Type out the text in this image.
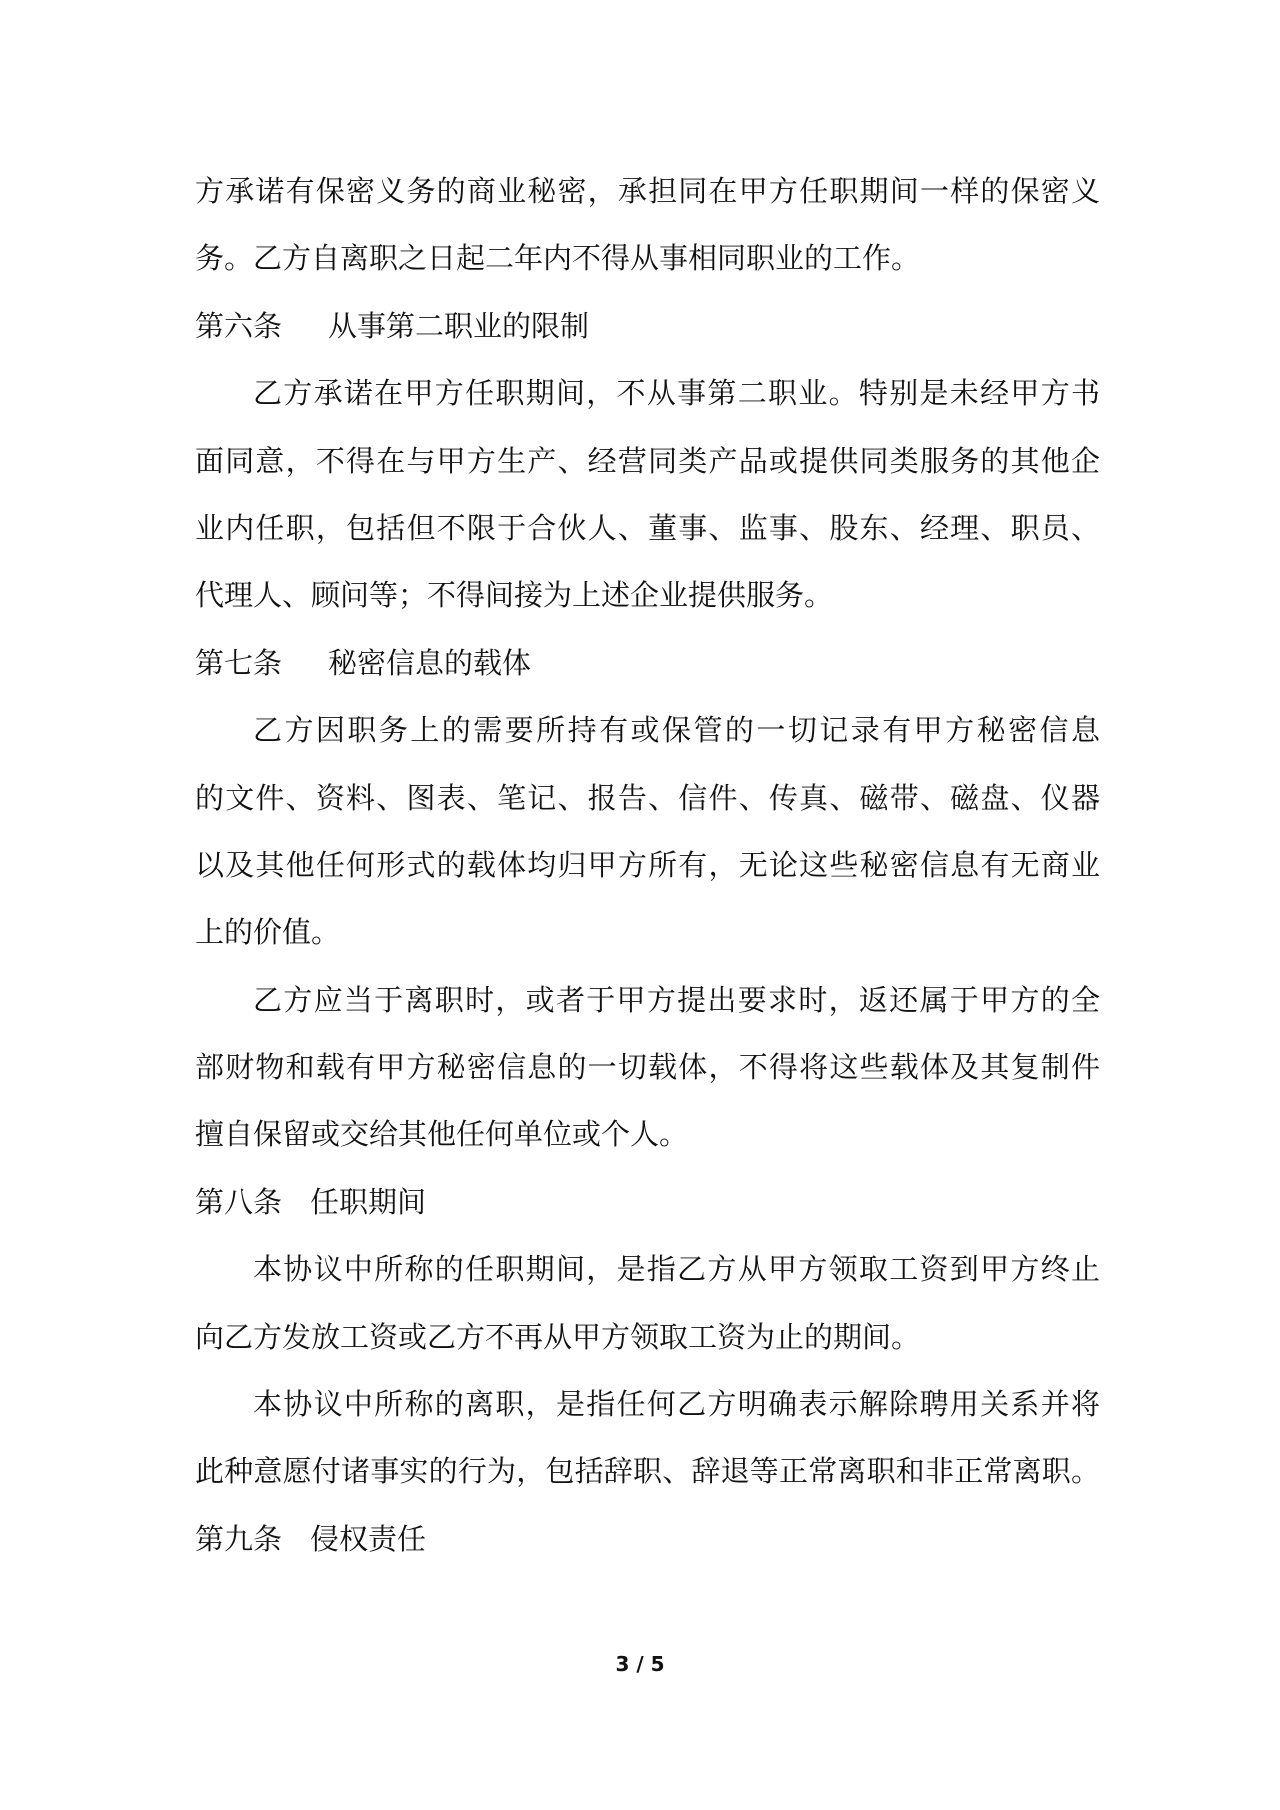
方承诺有保密义务的商业秘密，承担同在甲方任职期间一样的保密义
务。乙方自离职之日起二年内不得从事相同职业的工作。
第六条 从事第二职业的限制
乙方承诺在甲方任职期间，不从事第二职业。特别是未经甲方书
面同意，不得在与甲方生产、经营同类产品或提供同类服务的其他企
业内任职，包括但不限于合伙人、董事、监事、股东、经理、职员、
代理人、顾问等；不得间接为上述企业提供服务。
第七条 秘密信息的载体
乙方因职务上的需要所持有或保管的一切记录有甲方秘密信息
的文件、资料、图表、笔记、报告、信件、传真、磁带、磁盘、仪器
以及其他任何形式的载体均归甲方所有，无论这些秘密信息有无商业
上的价值。
乙方应当于离职时，或者于甲方提出要求时，返还属于甲方的全
部财物和载有甲方秘密信息的一切载体，不得将这些载体及其复制件
擅自保留或交给其他任何单位或个人。
第八条 任职期间
本协议中所称的任职期间，是指乙方从甲方领取工资到甲方终止
向乙方发放工资或乙方不再从甲方领取工资为止的期间。
本协议中所称的离职，是指任何乙方明确表示解除聘用关系并将
此种意愿付诸事实的行为，包括辞职、辞退等正常离职和非正常离职。
第九条 侵权责任
3 / 5
